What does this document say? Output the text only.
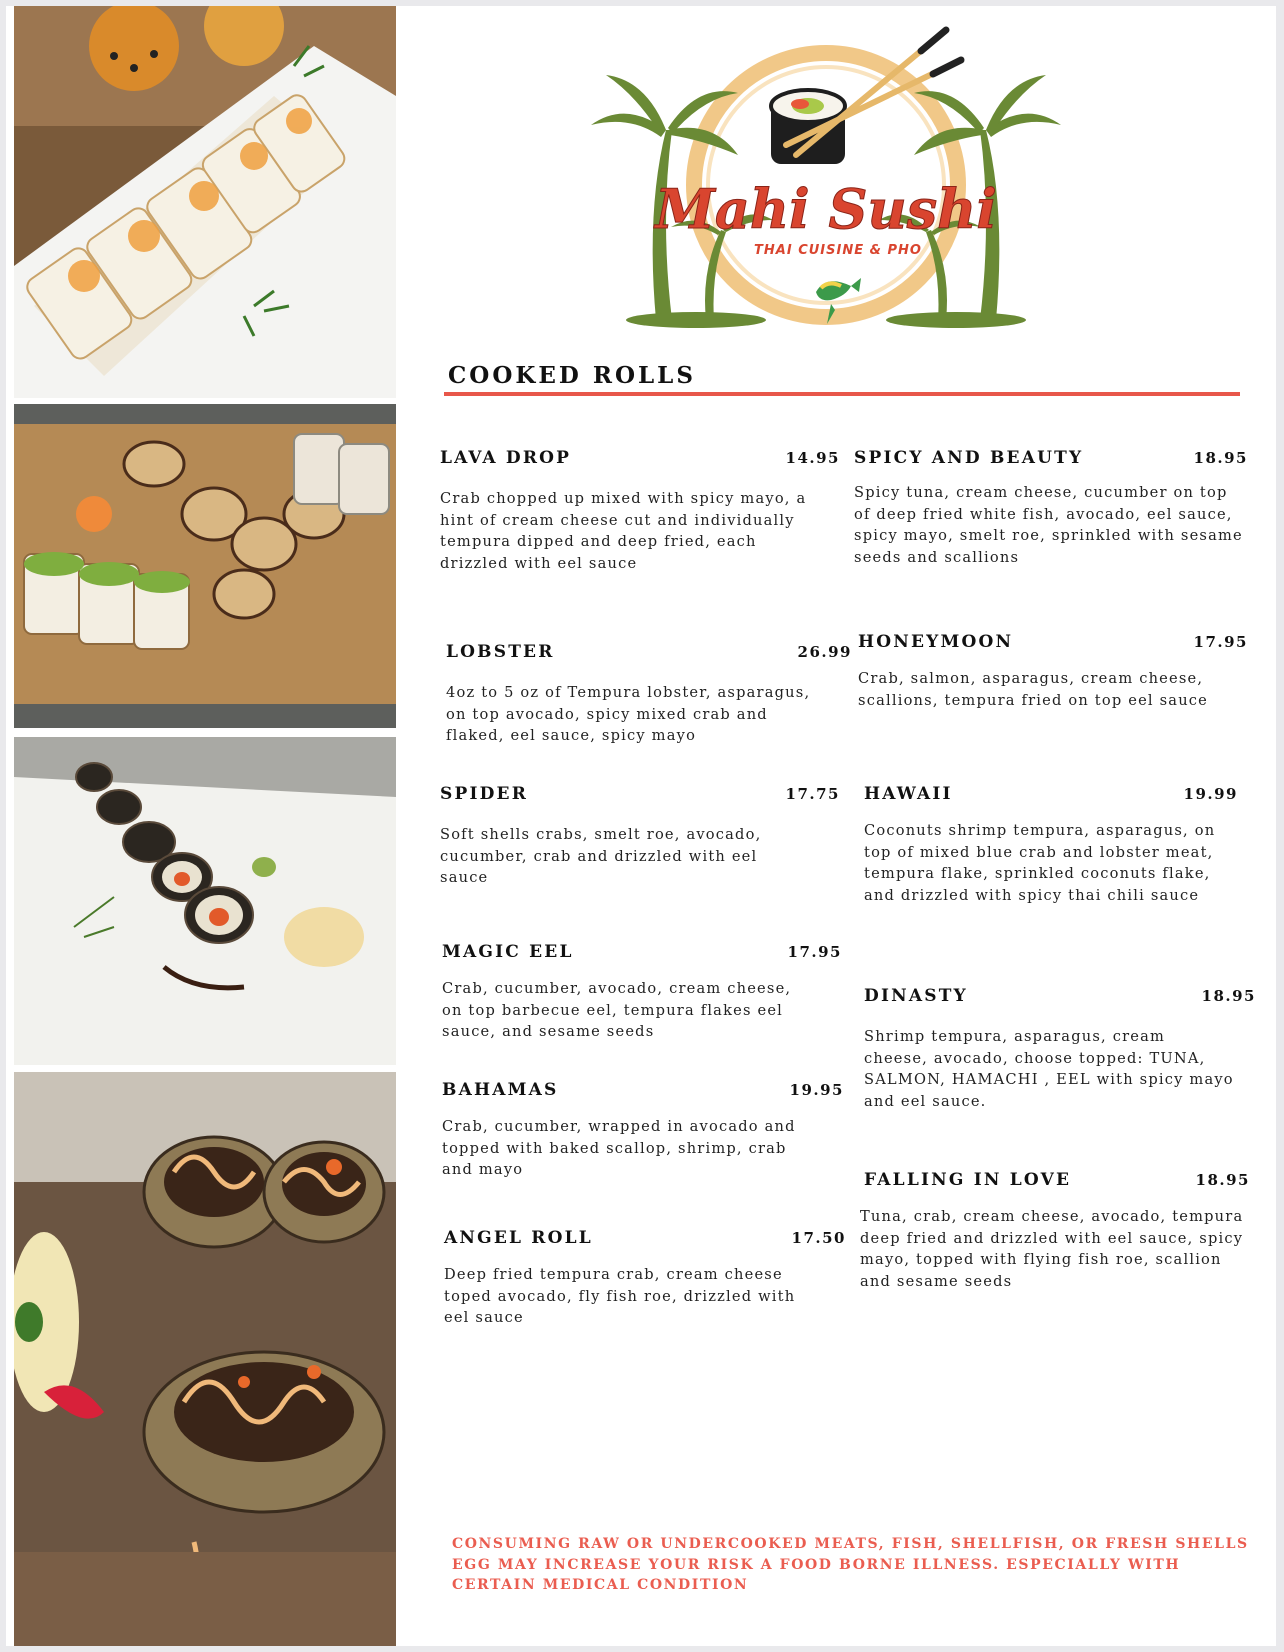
Mahi Sushi
THAI CUISINE & PHO
COOKED ROLLS
LAVA DROP	14.95
Crab chopped up mixed with spicy mayo, a hint of cream cheese cut and individually tempura dipped and deep fried, each drizzled with eel sauce
LOBSTER	26.99
4oz to 5 oz of Tempura lobster, asparagus, on top avocado, spicy mixed crab and flaked, eel sauce, spicy mayo
SPIDER	17.75
Soft shells crabs, smelt roe, avocado, cucumber, crab and drizzled with eel sauce
MAGIC EEL	17.95
Crab, cucumber, avocado, cream cheese, on top barbecue eel, tempura flakes eel sauce, and sesame seeds
BAHAMAS	19.95
Crab, cucumber, wrapped in avocado and topped with baked scallop, shrimp, crab and mayo
ANGEL ROLL	17.50
Deep fried tempura crab, cream cheese toped avocado, fly fish roe, drizzled with eel sauce
SPICY AND BEAUTY	18.95
Spicy tuna, cream cheese, cucumber on top of deep fried white fish, avocado, eel sauce, spicy mayo, smelt roe, sprinkled with sesame seeds and scallions
HONEYMOON	17.95
Crab, salmon, asparagus, cream cheese, scallions, tempura fried on top eel sauce
HAWAII	19.99
Coconuts shrimp tempura, asparagus, on top of mixed blue crab and lobster meat, tempura flake, sprinkled coconuts flake, and drizzled with spicy thai chili sauce
DINASTY	18.95
Shrimp tempura, asparagus, cream cheese, avocado, choose topped: TUNA, SALMON, HAMACHI , EEL with spicy mayo and eel sauce.
FALLING IN LOVE	18.95
Tuna, crab, cream cheese, avocado, tempura deep fried and drizzled with eel sauce, spicy mayo, topped with flying fish roe, scallion and sesame seeds
CONSUMING RAW OR UNDERCOOKED MEATS, FISH, SHELLFISH, OR FRESH SHELLS EGG MAY INCREASE YOUR RISK A FOOD BORNE ILLNESS. ESPECIALLY WITH CERTAIN MEDICAL CONDITION
